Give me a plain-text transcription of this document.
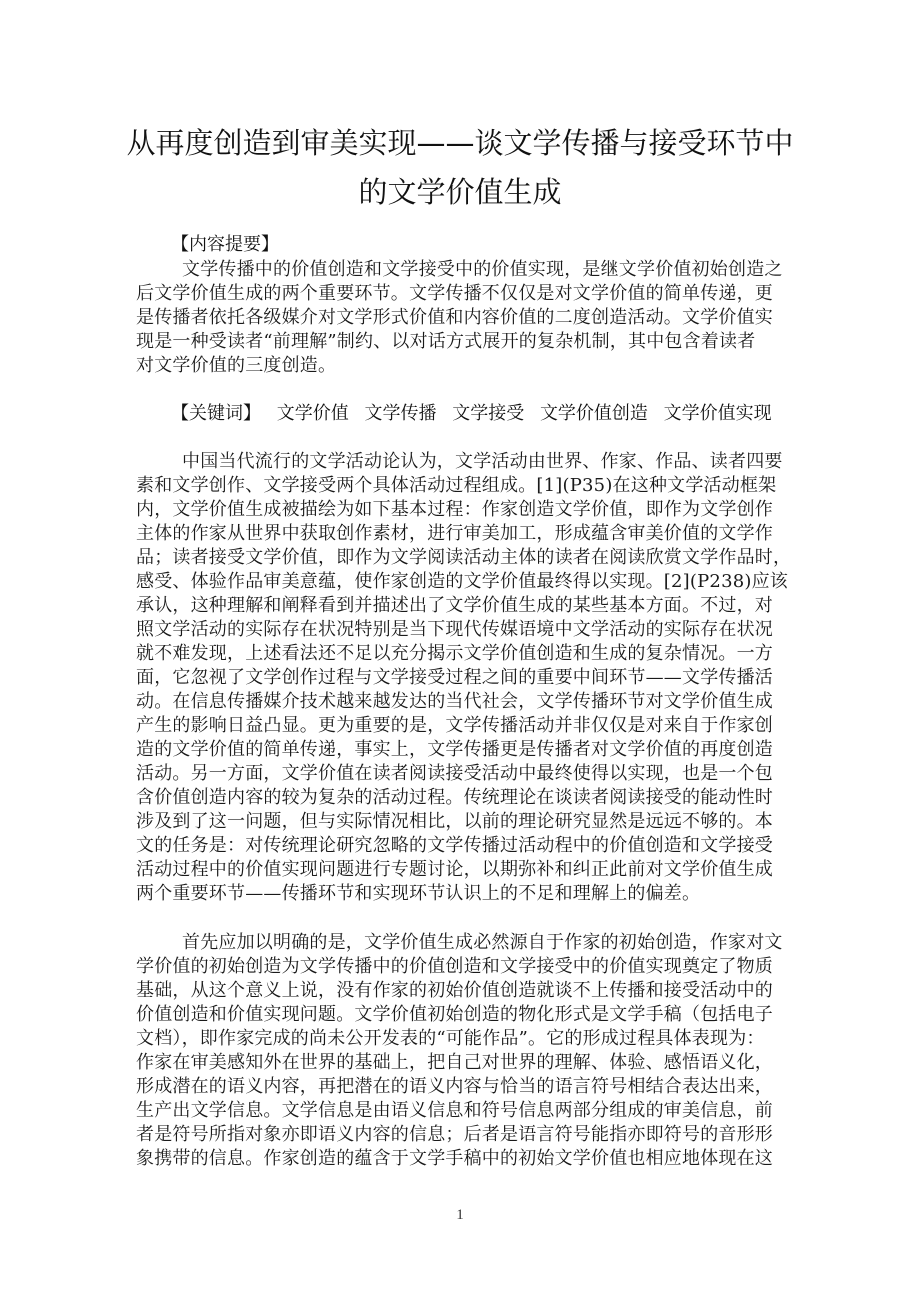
从再度创造到审美实现——谈文学传播与接受环节中
的文学价值生成
【内容提要】
文学传播中的价值创造和文学接受中的价值实现，是继文学价值初始创造之
后文学价值生成的两个重要环节。文学传播不仅仅是对文学价值的简单传递，更
是传播者依托各级媒介对文学形式价值和内容价值的二度创造活动。文学价值实
现是一种受读者“前理解”制约、以对话方式展开的复杂机制，其中包含着读者
对文学价值的三度创造。
【关键词】 文学价值 文学传播 文学接受 文学价值创造 文学价值实现
中国当代流行的文学活动论认为，文学活动由世界、作家、作品、读者四要
素和文学创作、文学接受两个具体活动过程组成。[1](P35)在这种文学活动框架
内，文学价值生成被描绘为如下基本过程：作家创造文学价值，即作为文学创作
主体的作家从世界中获取创作素材，进行审美加工，形成蕴含审美价值的文学作
品；读者接受文学价值，即作为文学阅读活动主体的读者在阅读欣赏文学作品时，
感受、体验作品审美意蕴，使作家创造的文学价值最终得以实现。[2](P238)应该
承认，这种理解和阐释看到并描述出了文学价值生成的某些基本方面。不过，对
照文学活动的实际存在状况特别是当下现代传媒语境中文学活动的实际存在状况
就不难发现，上述看法还不足以充分揭示文学价值创造和生成的复杂情况。一方
面，它忽视了文学创作过程与文学接受过程之间的重要中间环节——文学传播活
动。在信息传播媒介技术越来越发达的当代社会，文学传播环节对文学价值生成
产生的影响日益凸显。更为重要的是，文学传播活动并非仅仅是对来自于作家创
造的文学价值的简单传递，事实上，文学传播更是传播者对文学价值的再度创造
活动。另一方面，文学价值在读者阅读接受活动中最终使得以实现，也是一个包
含价值创造内容的较为复杂的活动过程。传统理论在谈读者阅读接受的能动性时
涉及到了这一问题，但与实际情况相比，以前的理论研究显然是远远不够的。本
文的任务是：对传统理论研究忽略的文学传播过活动程中的价值创造和文学接受
活动过程中的价值实现问题进行专题讨论，以期弥补和纠正此前对文学价值生成
两个重要环节——传播环节和实现环节认识上的不足和理解上的偏差。
首先应加以明确的是，文学价值生成必然源自于作家的初始创造，作家对文
学价值的初始创造为文学传播中的价值创造和文学接受中的价值实现奠定了物质
基础，从这个意义上说，没有作家的初始价值创造就谈不上传播和接受活动中的
价值创造和价值实现问题。文学价值初始创造的物化形式是文学手稿（包括电子
文档），即作家完成的尚未公开发表的“可能作品”。它的形成过程具体表现为：
作家在审美感知外在世界的基础上，把自己对世界的理解、体验、感悟语义化，
形成潜在的语义内容，再把潜在的语义内容与恰当的语言符号相结合表达出来，
生产出文学信息。文学信息是由语义信息和符号信息两部分组成的审美信息，前
者是符号所指对象亦即语义内容的信息；后者是语言符号能指亦即符号的音形形
象携带的信息。作家创造的蕴含于文学手稿中的初始文学价值也相应地体现在这
1
